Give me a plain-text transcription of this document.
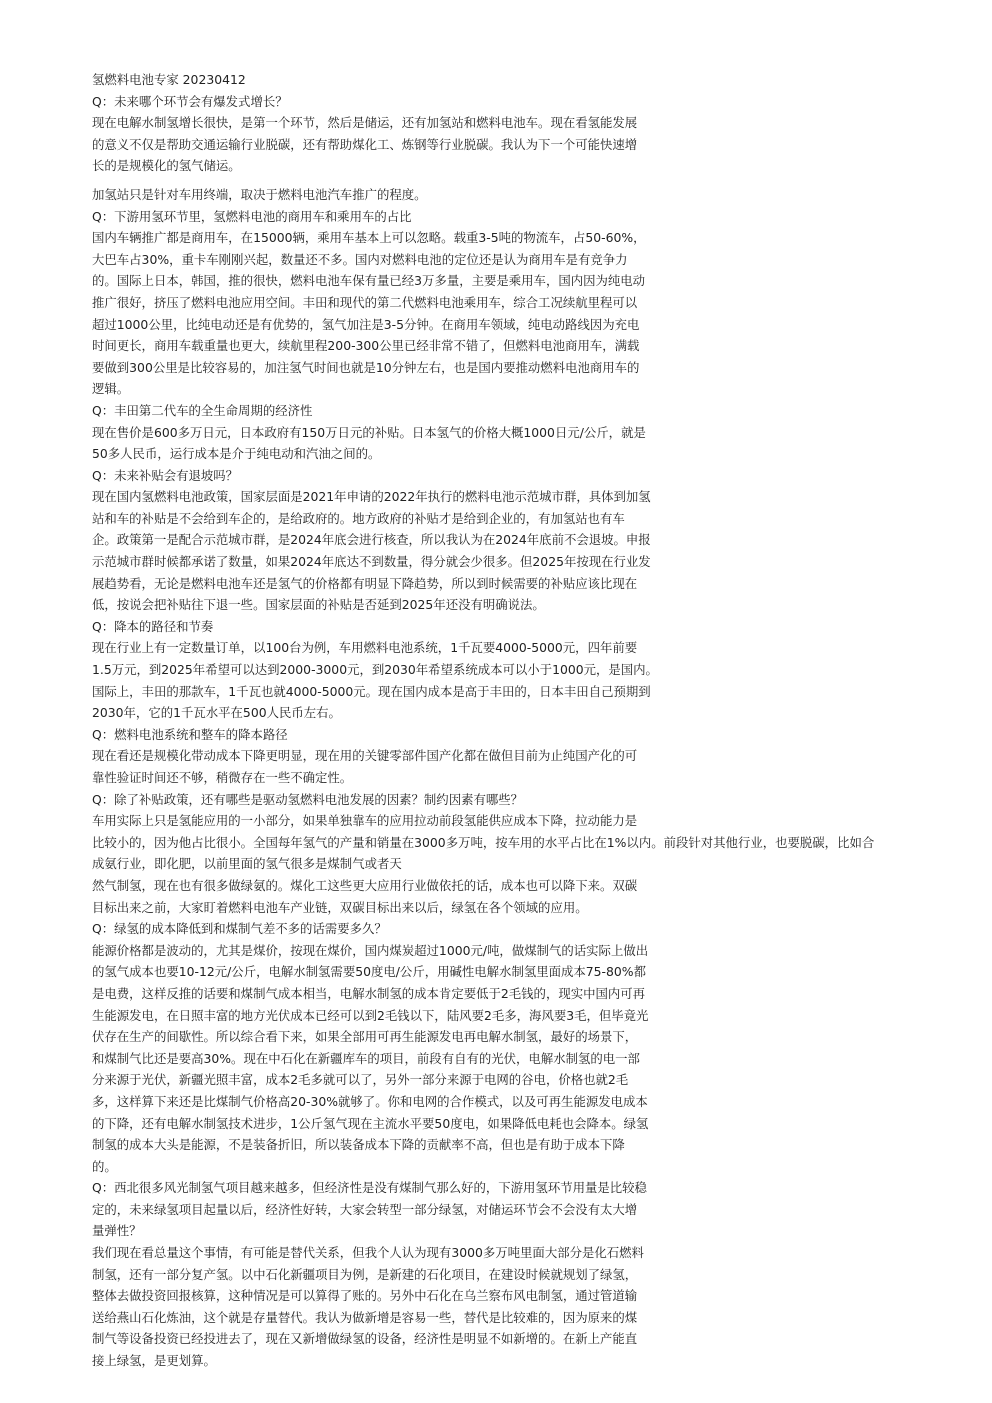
氢燃料电池专家 20230412
Q：未来哪个环节会有爆发式增长？
现在电解水制氢增长很快，是第一个环节，然后是储运，还有加氢站和燃料电池车。现在看氢能发展
的意义不仅是帮助交通运输行业脱碳，还有帮助煤化工、炼钢等行业脱碳。我认为下一个可能快速增
长的是规模化的氢气储运。
加氢站只是针对车用终端，取决于燃料电池汽车推广的程度。
Q：下游用氢环节里，氢燃料电池的商用车和乘用车的占比
国内车辆推广都是商用车，在15000辆，乘用车基本上可以忽略。载重3-5吨的物流车，占50-60%，
大巴车占30%，重卡车刚刚兴起，数量还不多。国内对燃料电池的定位还是认为商用车是有竞争力
的。国际上日本，韩国，推的很快，燃料电池车保有量已经3万多量，主要是乘用车，国内因为纯电动
推广很好，挤压了燃料电池应用空间。丰田和现代的第二代燃料电池乘用车，综合工况续航里程可以
超过1000公里，比纯电动还是有优势的，氢气加注是3-5分钟。在商用车领域，纯电动路线因为充电
时间更长，商用车载重量也更大，续航里程200-300公里已经非常不错了，但燃料电池商用车，满载
要做到300公里是比较容易的，加注氢气时间也就是10分钟左右，也是国内要推动燃料电池商用车的
逻辑。
Q：丰田第二代车的全生命周期的经济性
现在售价是600多万日元，日本政府有150万日元的补贴。日本氢气的价格大概1000日元/公斤，就是
50多人民币，运行成本是介于纯电动和汽油之间的。
Q：未来补贴会有退坡吗？
现在国内氢燃料电池政策，国家层面是2021年申请的2022年执行的燃料电池示范城市群，具体到加氢
站和车的补贴是不会给到车企的，是给政府的。地方政府的补贴才是给到企业的，有加氢站也有车
企。政策第一是配合示范城市群，是2024年底会进行核查，所以我认为在2024年底前不会退坡。申报
示范城市群时候都承诺了数量，如果2024年底达不到数量，得分就会少很多。但2025年按现在行业发
展趋势看，无论是燃料电池车还是氢气的价格都有明显下降趋势，所以到时候需要的补贴应该比现在
低，按说会把补贴往下退一些。国家层面的补贴是否延到2025年还没有明确说法。
Q：降本的路径和节奏
现在行业上有一定数量订单，以100台为例，车用燃料电池系统，1千瓦要4000-5000元，四年前要
1.5万元，到2025年希望可以达到2000-3000元，到2030年希望系统成本可以小于1000元，是国内。
国际上，丰田的那款车，1千瓦也就4000-5000元。现在国内成本是高于丰田的，日本丰田自己预期到
2030年，它的1千瓦水平在500人民币左右。
Q：燃料电池系统和整车的降本路径
现在看还是规模化带动成本下降更明显，现在用的关键零部件国产化都在做但目前为止纯国产化的可
靠性验证时间还不够，稍微存在一些不确定性。
Q：除了补贴政策，还有哪些是驱动氢燃料电池发展的因素？制约因素有哪些？
车用实际上只是氢能应用的一小部分，如果单独靠车的应用拉动前段氢能供应成本下降，拉动能力是
比较小的，因为他占比很小。全国每年氢气的产量和销量在3000多万吨，按车用的水平占比在1%以内。前段针对其他行业，也要脱碳，比如合
成氨行业，即化肥，以前里面的氢气很多是煤制气或者天
然气制氢，现在也有很多做绿氨的。煤化工这些更大应用行业做依托的话，成本也可以降下来。双碳
目标出来之前，大家盯着燃料电池车产业链，双碳目标出来以后，绿氢在各个领域的应用。
Q：绿氢的成本降低到和煤制气差不多的话需要多久？
能源价格都是波动的，尤其是煤价，按现在煤价，国内煤炭超过1000元/吨，做煤制气的话实际上做出
的氢气成本也要10-12元/公斤，电解水制氢需要50度电/公斤，用碱性电解水制氢里面成本75-80%都
是电费，这样反推的话要和煤制气成本相当，电解水制氢的成本肯定要低于2毛钱的，现实中国内可再
生能源发电，在日照丰富的地方光伏成本已经可以到2毛钱以下，陆风要2毛多，海风要3毛，但毕竟光
伏存在生产的间歇性。所以综合看下来，如果全部用可再生能源发电再电解水制氢，最好的场景下，
和煤制气比还是要高30%。现在中石化在新疆库车的项目，前段有自有的光伏，电解水制氢的电一部
分来源于光伏，新疆光照丰富，成本2毛多就可以了，另外一部分来源于电网的谷电，价格也就2毛
多，这样算下来还是比煤制气价格高20-30%就够了。你和电网的合作模式，以及可再生能源发电成本
的下降，还有电解水制氢技术进步，1公斤氢气现在主流水平要50度电，如果降低电耗也会降本。绿氢
制氢的成本大头是能源，不是装备折旧，所以装备成本下降的贡献率不高，但也是有助于成本下降
的。
Q：西北很多风光制氢气项目越来越多，但经济性是没有煤制气那么好的，下游用氢环节用量是比较稳
定的，未来绿氢项目起量以后，经济性好转，大家会转型一部分绿氢，对储运环节会不会没有太大增
量弹性？
我们现在看总量这个事情，有可能是替代关系，但我个人认为现有3000多万吨里面大部分是化石燃料
制氢，还有一部分复产氢。以中石化新疆项目为例，是新建的石化项目，在建设时候就规划了绿氢，
整体去做投资回报核算，这种情况是可以算得了账的。另外中石化在乌兰察布风电制氢，通过管道输
送给燕山石化炼油，这个就是存量替代。我认为做新增是容易一些，替代是比较难的，因为原来的煤
制气等设备投资已经投进去了，现在又新增做绿氢的设备，经济性是明显不如新增的。在新上产能直
接上绿氢，是更划算。
